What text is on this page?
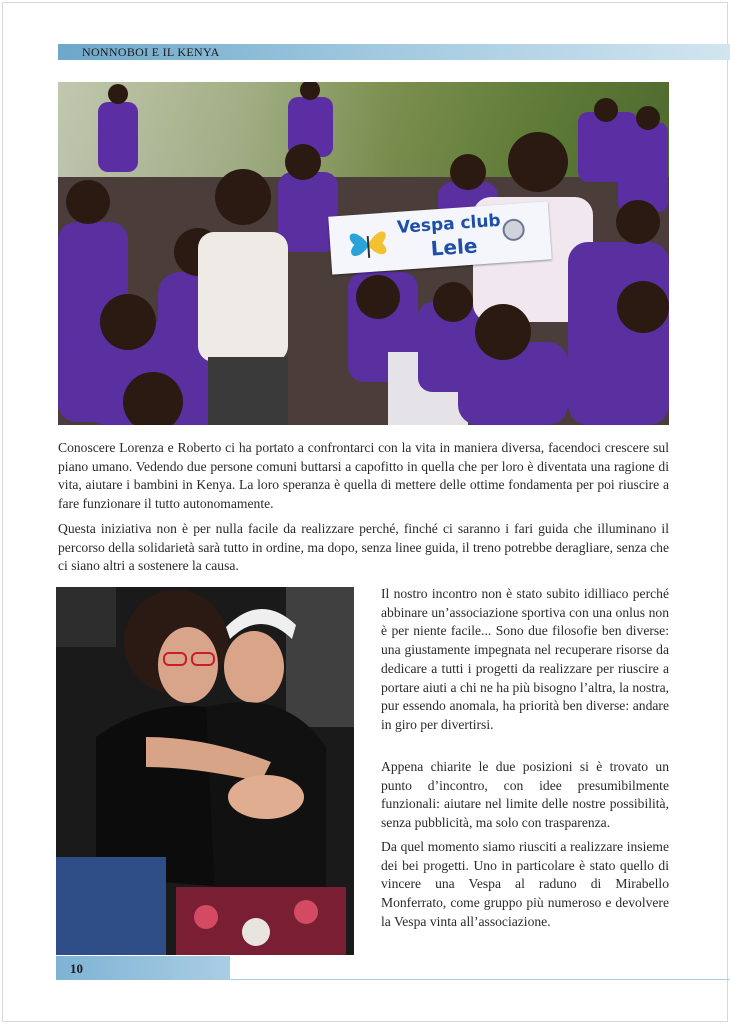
NONNOBOI E IL KENYA
Vespa club
Lele

Conoscere Lorenza e Roberto ci ha portato a confrontarci con la vita in maniera diversa, facendoci crescere sul piano umano. Vedendo due persone comuni buttarsi a capofitto in quella che per loro è diventata una ragione di vita, aiutare i bambini in Kenya. La loro speranza è quella di mettere delle ottime fondamenta per poi riuscire a fare funzionare il tutto autonomamente.

Questa iniziativa non è per nulla facile da realizzare perché, finché ci saranno i fari guida che illuminano il percorso della solidarietà sarà tutto in ordine, ma dopo, senza linee guida, il treno potrebbe deragliare, senza che ci siano altri a sostenere la causa.

Il nostro incontro non è stato subito idilliaco perché abbinare un’associazione sportiva con una onlus non è per niente facile... Sono due filosofie ben diverse: una giustamente impegnata nel recuperare risorse da dedicare a tutti i progetti da realizzare per riuscire a portare aiuti a chi ne ha più bisogno l’altra, la nostra, pur essendo anomala, ha priorità ben diverse: andare in giro per divertirsi.

Appena chiarite le due posizioni si è trovato un punto d’incontro, con idee presumibilmente funzionali: aiutare nel limite delle nostre possibilità, senza pubblicità, ma solo con trasparenza.

Da quel momento siamo riusciti a realizzare insieme dei bei progetti. Uno in particolare è stato quello di vincere una Vespa al raduno di Mirabello Monferrato, come gruppo più numeroso e devolvere la Vespa vinta all’associazione.

10
